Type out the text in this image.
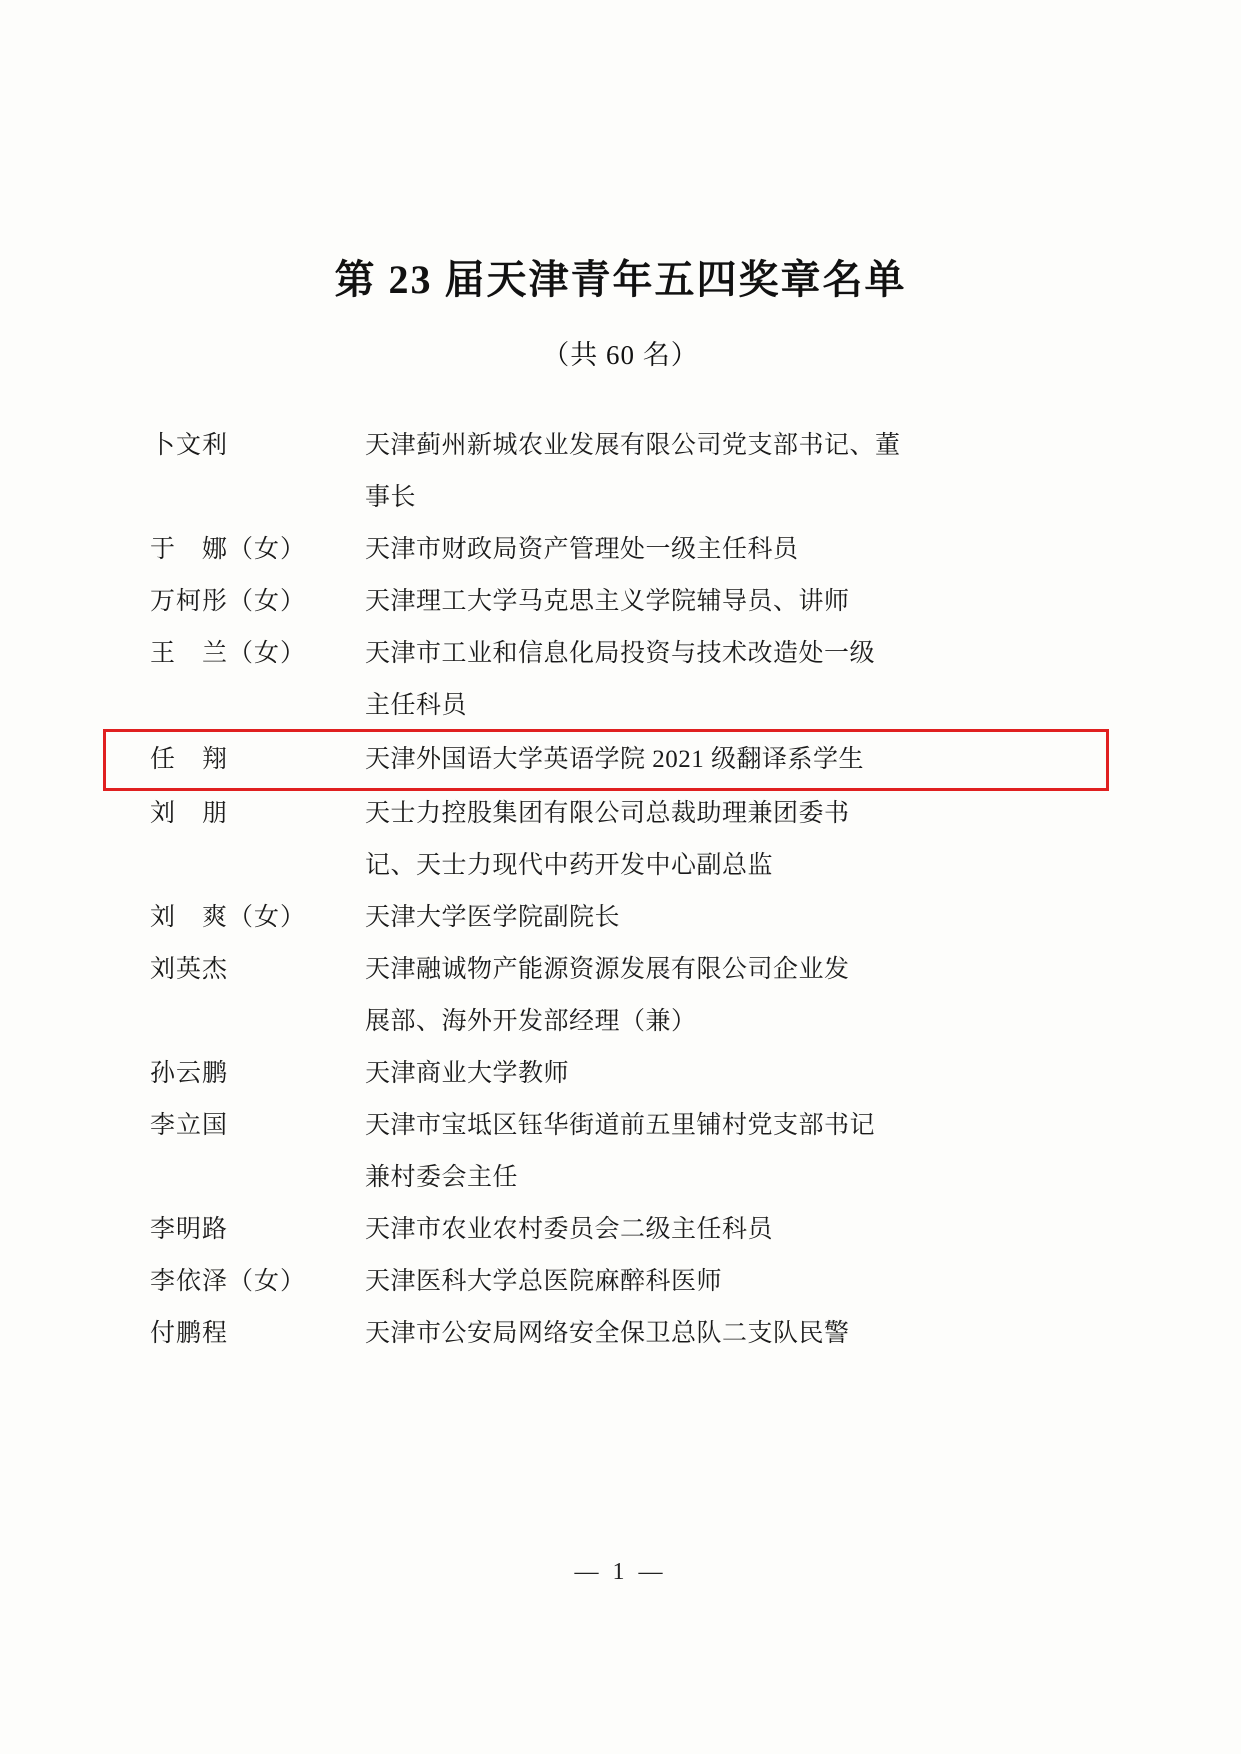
第 23 届天津青年五四奖章名单

（共 60 名）

卜文利	天津蓟州新城农业发展有限公司党支部书记、董
事长
于　娜（女）	天津市财政局资产管理处一级主任科员
万柯彤（女）	天津理工大学马克思主义学院辅导员、讲师
王　兰（女）	天津市工业和信息化局投资与技术改造处一级
主任科员
任　翔	天津外国语大学英语学院 2021 级翻译系学生
刘　朋	天士力控股集团有限公司总裁助理兼团委书
记、天士力现代中药开发中心副总监
刘　爽（女）	天津大学医学院副院长
刘英杰	天津融诚物产能源资源发展有限公司企业发
展部、海外开发部经理（兼）
孙云鹏	天津商业大学教师
李立国	天津市宝坻区钰华街道前五里铺村党支部书记
兼村委会主任
李明路	天津市农业农村委员会二级主任科员
李依泽（女）	天津医科大学总医院麻醉科医师
付鹏程	天津市公安局网络安全保卫总队二支队民警
— 1 —
